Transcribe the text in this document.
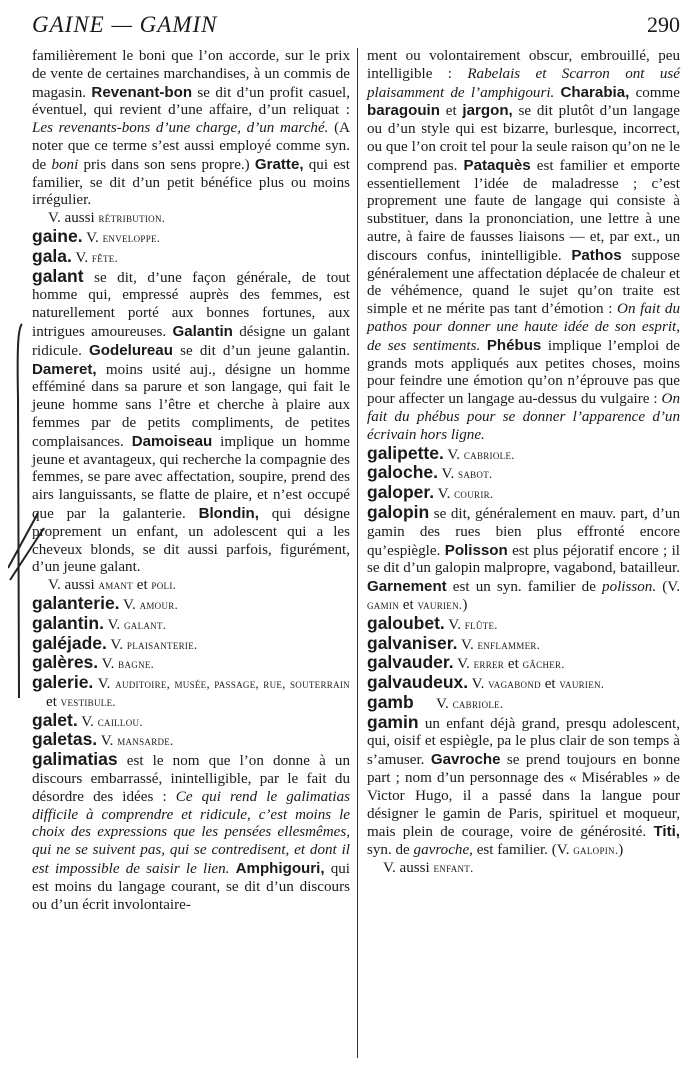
GAINE — GAMIN	290

familièrement le boni que l’on accorde, sur le prix de vente de certaines marchandises, à un commis de magasin. Revenant-bon se dit d’un profit casuel, éventuel, qui revient d’une affaire, d’un reliquat : Les revenants-bons d’une charge, d’un marché. (A noter que ce terme s’est aussi employé comme syn. de boni pris dans son sens propre.) Gratte, qui est familier, se dit d’un petit bénéfice plus ou moins irrégulier.

V. aussi rétribution.

gaine. V. enveloppe.

gala. V. fête.

galant se dit, d’une façon générale, de tout homme qui, empressé auprès des femmes, est naturellement porté aux bonnes fortunes, aux intrigues amoureuses. Galantin désigne un galant ridicule. Godelureau se dit d’un jeune galantin. Dameret, moins usité auj., désigne un homme efféminé dans sa parure et son langage, qui fait le jeune homme sans l’être et cherche à plaire aux femmes par de petits compliments, de petites complaisances. Damoiseau implique un homme jeune et avantageux, qui recherche la compagnie des femmes, se pare avec affectation, soupire, prend des airs languissants, se flatte de plaire, et n’est occupé que par la galanterie. Blondin, qui désigne proprement un enfant, un adolescent qui a les cheveux blonds, se dit aussi parfois, figurément, d’un jeune galant.

V. aussi amant et poli.

galanterie. V. amour.

galantin. V. galant.

galéjade. V. plaisanterie.

galères. V. bagne.

galerie. V. auditoire, musée, passage, rue, souterrain et vestibule.

galet. V. caillou.

galetas. V. mansarde.

galimatias est le nom que l’on donne à un discours embarrassé, inintelligible, par le fait du désordre des idées : Ce qui rend le galimatias difficile à comprendre et ridicule, c’est moins le choix des expressions que les pensées ellesmêmes, qui ne se suivent pas, qui se contredisent, et dont il est impossible de saisir le lien. Amphigouri, qui est moins du langage courant, se dit d’un discours ou d’un écrit involontaire-

ment ou volontairement obscur, embrouillé, peu intelligible : Rabelais et Scarron ont usé plaisamment de l’amphigouri. Charabia, comme baragouin et jargon, se dit plutôt d’un langage ou d’un style qui est bizarre, burlesque, incorrect, ou que l’on croit tel pour la seule raison qu’on ne le comprend pas. Pataquès est familier et emporte essentiellement l’idée de maladresse ; c’est proprement une faute de langage qui consiste à substituer, dans la prononciation, une lettre à une autre, à faire de fausses liaisons — et, par ext., un discours confus, inintelligible. Pathos suppose généralement une affectation déplacée de chaleur et de véhémence, quand le sujet qu’on traite est simple et ne mérite pas tant d’émotion : On fait du pathos pour donner une haute idée de son esprit, de ses sentiments. Phébus implique l’emploi de grands mots appliqués aux petites choses, moins pour feindre une émotion qu’on n’éprouve pas que pour affecter un langage au-dessus du vulgaire : On fait du phébus pour se donner l’apparence d’un écrivain hors ligne.

galipette. V. cabriole.

galoche. V. sabot.

galoper. V. courir.

galopin se dit, généralement en mauv. part, d’un gamin des rues bien plus effronté encore qu’espiègle. Polisson est plus péjoratif encore ; il se dit d’un galopin malpropre, vagabond, batailleur. Garnement est un syn. familier de polisson. (V. gamin et vaurien.)

galoubet. V. flûte.

galvaniser. V. enflammer.

galvauder. V. errer et gâcher.

galvaudeux. V. vagabond et vaurien.

gamb      V. cabriole.

gamin un enfant déjà grand, presqu adolescent, qui, oisif et espiègle, pa le plus clair de son temps à s’amuser. Gavroche se prend toujours en bonne part ; nom d’un personnage des « Misérables » de Victor Hugo, il a passé dans la langue pour désigner le gamin de Paris, spirituel et moqueur, mais plein de courage, voire de générosité. Titi, syn. de gavroche, est familier. (V. galopin.)

V. aussi enfant.
